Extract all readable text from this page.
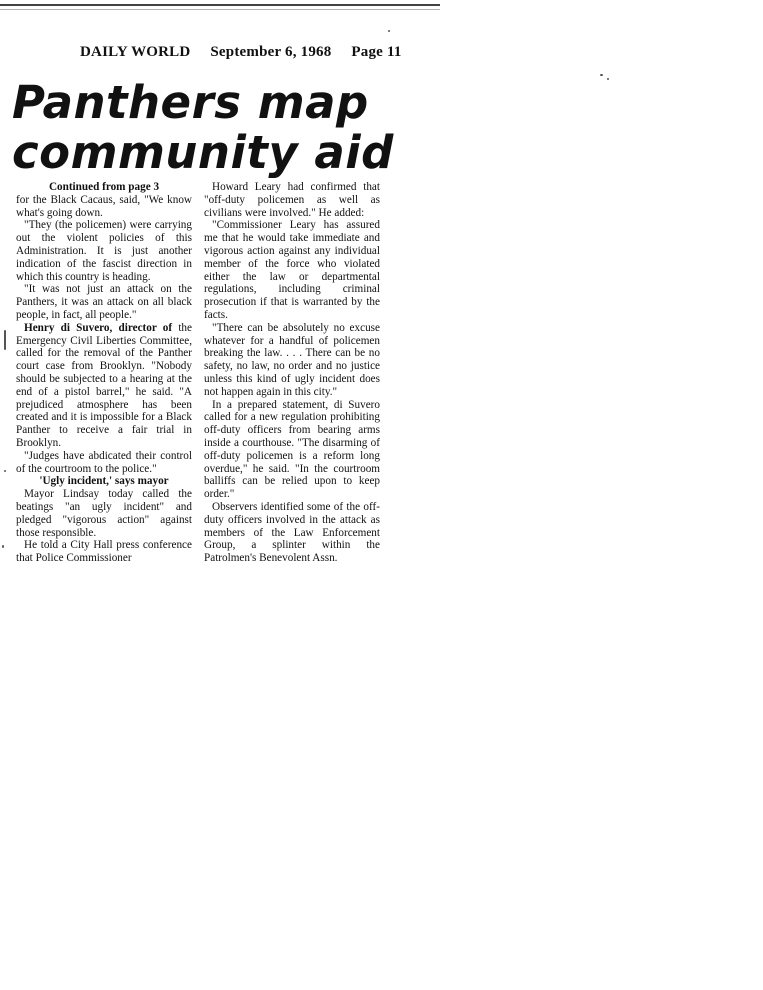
DAILY WORLD September 6, 1968 Page 11
Panthers map
community aid

Continued from page 3

for the Black Cacaus, said, "We know what's going down.

"They (the policemen) were carrying out the violent policies of this Administration. It is just another indication of the fascist direction in which this country is heading.

"It was not just an attack on the Panthers, it was an attack on all black people, in fact, all people."

Henry di Suvero, director of the Emergency Civil Liberties Committee, called for the removal of the Panther court case from Brooklyn. "Nobody should be subjected to a hearing at the end of a pistol barrel," he said. "A prejudiced atmosphere has been created and it is impossible for a Black Panther to receive a fair trial in Brooklyn.

"Judges have abdicated their control of the courtroom to the police."

'Ugly incident,' says mayor

Mayor Lindsay today called the beatings "an ugly incident" and pledged "vigorous action" against those responsible.

He told a City Hall press conference that Police Commissioner

Howard Leary had confirmed that "off-duty policemen as well as civilians were involved." He added:

"Commissioner Leary has assured me that he would take immediate and vigorous action against any individual member of the force who violated either the law or departmental regulations, including criminal prosecution if that is warranted by the facts.

"There can be absolutely no excuse whatever for a handful of policemen breaking the law. . . . There can be no safety, no law, no order and no justice unless this kind of ugly incident does not happen again in this city."

In a prepared statement, di Suvero called for a new regulation prohibiting off-duty officers from bearing arms inside a courthouse. "The disarming of off-duty policemen is a reform long overdue," he said. "In the courtroom balliffs can be relied upon to keep order."

Observers identified some of the off-duty officers involved in the attack as members of the Law Enforcement Group, a splinter within the Patrolmen's Benevolent Assn.
